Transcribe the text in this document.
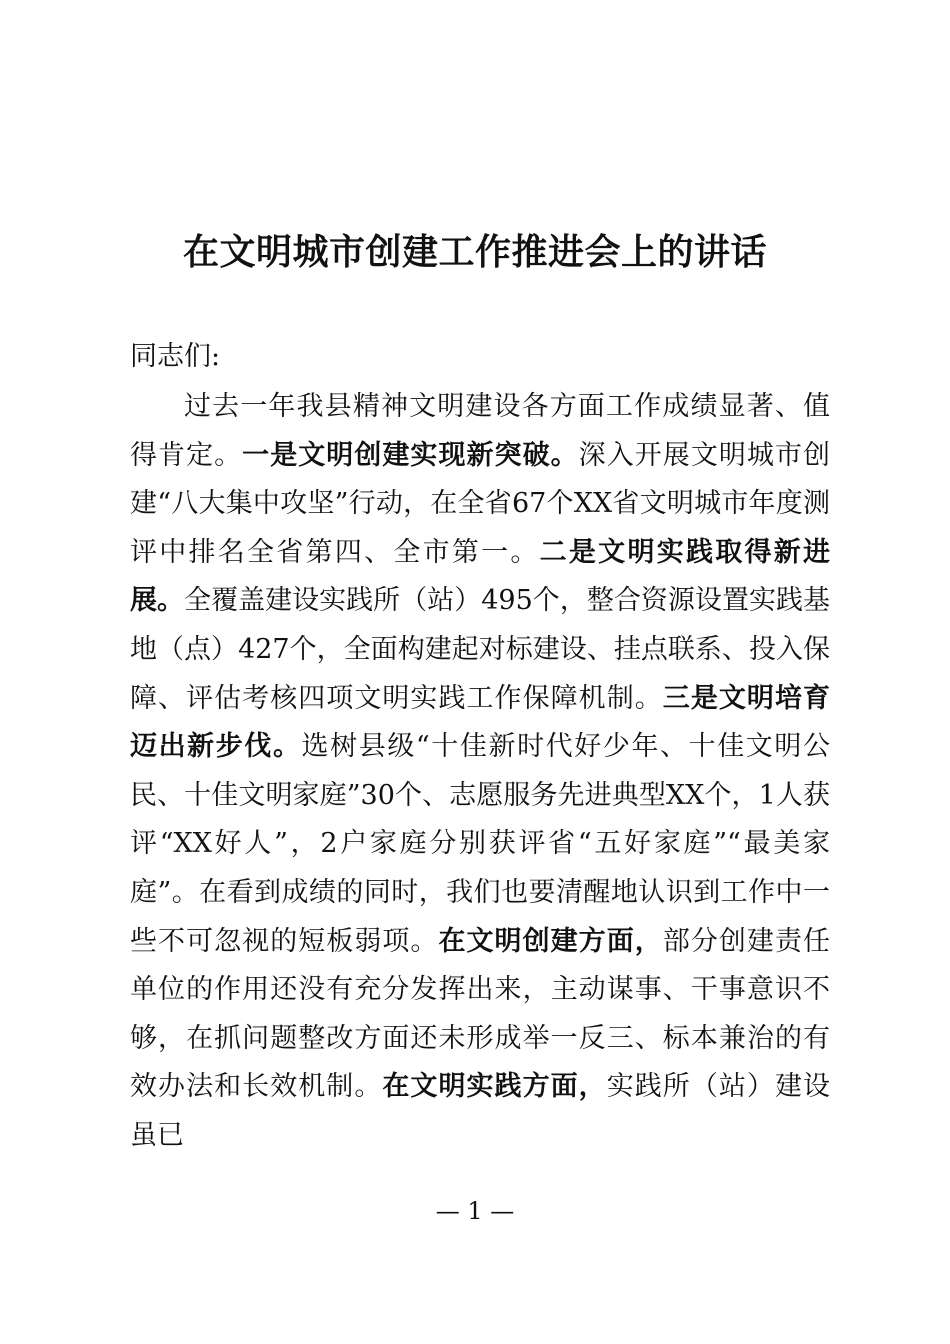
在文明城市创建工作推进会上的讲话

同志们:

过去一年我县精神文明建设各方面工作成绩显著、值得肯定。一是文明创建实现新突破。深入开展文明城市创建“八大集中攻坚”行动，在全省67个XX省文明城市年度测评中排名全省第四、全市第一。二是文明实践取得新进展。全覆盖建设实践所（站）495个，整合资源设置实践基地（点）427个，全面构建起对标建设、挂点联系、投入保障、评估考核四项文明实践工作保障机制。三是文明培育迈出新步伐。选树县级“十佳新时代好少年、十佳文明公民、十佳文明家庭”30个、志愿服务先进典型XX个，1人获评“XX好人”，2户家庭分别获评省“五好家庭”“最美家庭”。在看到成绩的同时，我们也要清醒地认识到工作中一些不可忽视的短板弱项。在文明创建方面，部分创建责任单位的作用还没有充分发挥出来，主动谋事、干事意识不够，在抓问题整改方面还未形成举一反三、标本兼治的有效办法和长效机制。在文明实践方面，实践所（站）建设虽已

— 1 —
